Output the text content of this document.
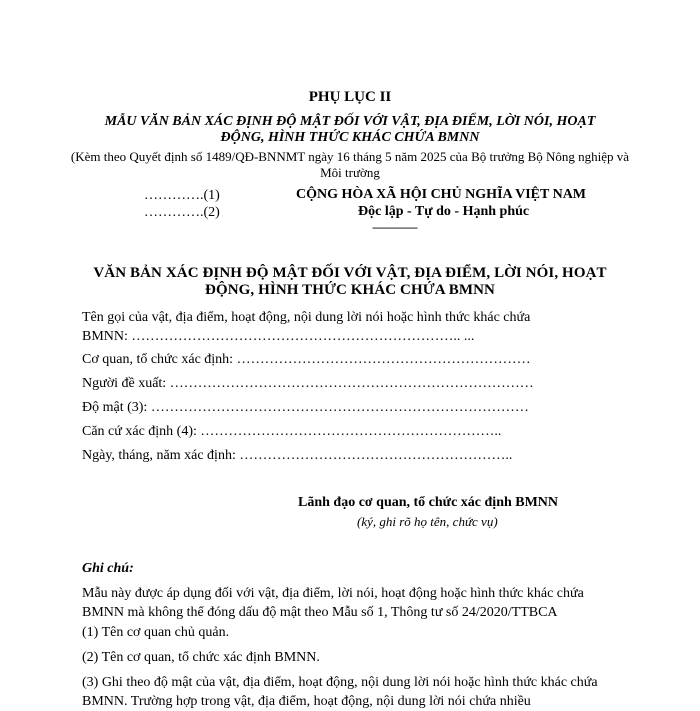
PHỤ LỤC II
MẪU VĂN BẢN XÁC ĐỊNH ĐỘ MẬT ĐỐI VỚI VẬT, ĐỊA ĐIỂM, LỜI NÓI, HOẠT ĐỘNG, HÌNH THỨC KHÁC CHỨA BMNN
(Kèm theo Quyết định số 1489/QĐ-BNNMT ngày 16 tháng 5 năm 2025 của Bộ trưởng Bộ Nông nghiệp và Môi trường
………….(1)
………….(2)
CỘNG HÒA XÃ HỘI CHỦ NGHĨA VIỆT NAM
Độc lập - Tự do - Hạnh phúc
---------------
VĂN BẢN XÁC ĐỊNH ĐỘ MẬT ĐỐI VỚI VẬT, ĐỊA ĐIỂM, LỜI NÓI, HOẠT ĐỘNG, HÌNH THỨC KHÁC CHỨA BMNN
Tên gọi của vật, địa điểm, hoạt động, nội dung lời nói hoặc hình thức khác chứa
BMNN: …………………………………………………………….. ...
Cơ quan, tổ chức xác định: ………………………………………………………
Người đề xuất: ……………………………………………………………………
Độ mật (3): ………………………………………………………………………
Căn cứ xác định (4): ………………………………………………………..
Ngày, tháng, năm xác định: …………………………………………………..
Lãnh đạo cơ quan, tổ chức xác định BMNN
(ký, ghi rõ họ tên, chức vụ)
Ghi chú:
Mẫu này được áp dụng đối với vật, địa điểm, lời nói, hoạt động hoặc hình thức khác chứa BMNN mà không thể đóng dấu độ mật theo Mẫu số 1, Thông tư số 24/2020/TTBCA
(1) Tên cơ quan chủ quản.
(2) Tên cơ quan, tổ chức xác định BMNN.
(3) Ghi theo độ mật của vật, địa điểm, hoạt động, nội dung lời nói hoặc hình thức khác chứa BMNN. Trường hợp trong vật, địa điểm, hoạt động, nội dung lời nói chứa nhiều
